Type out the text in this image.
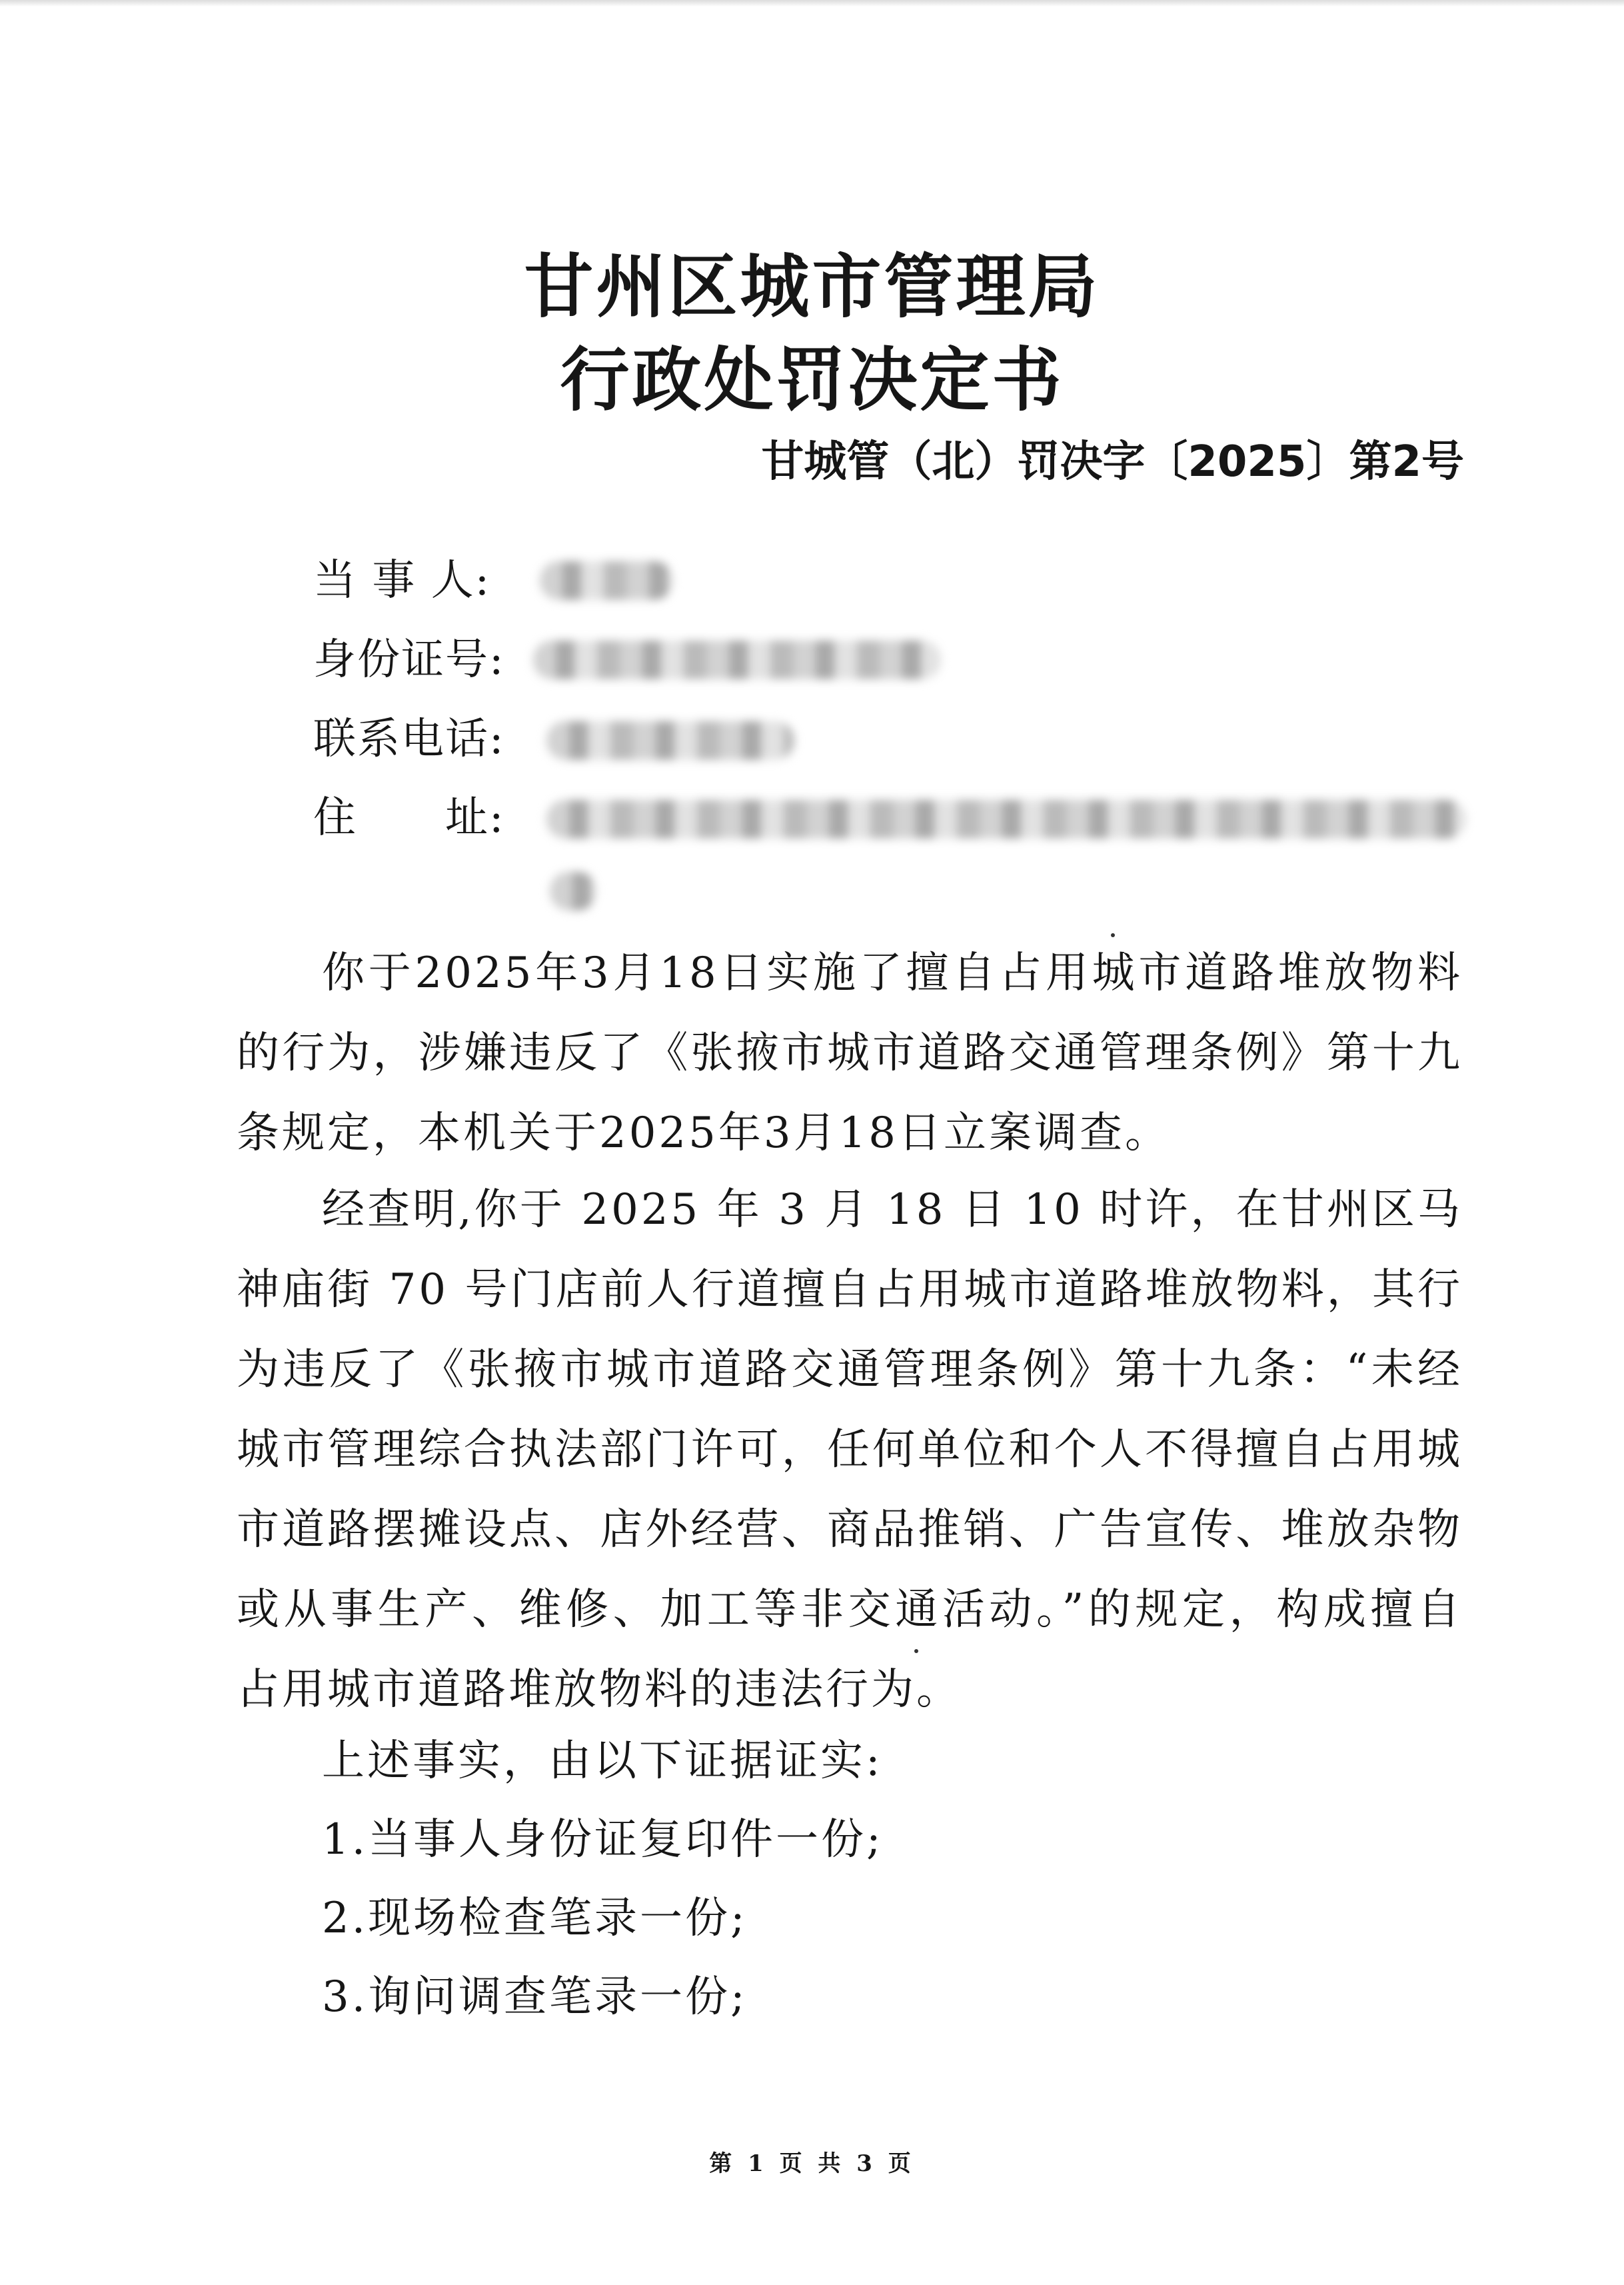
甘州区城市管理局
行政处罚决定书
甘城管（北）罚决字〔2025〕第2号
当 事 人:
身份证号:
联系电话:
住　　址:
你于2025年3月18日实施了擅自占用城市道路堆放物料的行为，涉嫌违反了《张掖市城市道路交通管理条例》第十九条规定，本机关于2025年3月18日立案调查。
经查明,你于 2025 年 3 月 18 日 10 时许，在甘州区马神庙街 70 号门店前人行道擅自占用城市道路堆放物料，其行为违反了《张掖市城市道路交通管理条例》第十九条：“未经城市管理综合执法部门许可，任何单位和个人不得擅自占用城市道路摆摊设点、店外经营、商品推销、广告宣传、堆放杂物或从事生产、维修、加工等非交通活动。”的规定，构成擅自占用城市道路堆放物料的违法行为。
上述事实，由以下证据证实:
1.当事人身份证复印件一份;
2.现场检查笔录一份;
3.询问调查笔录一份;
第 1 页 共 3 页
